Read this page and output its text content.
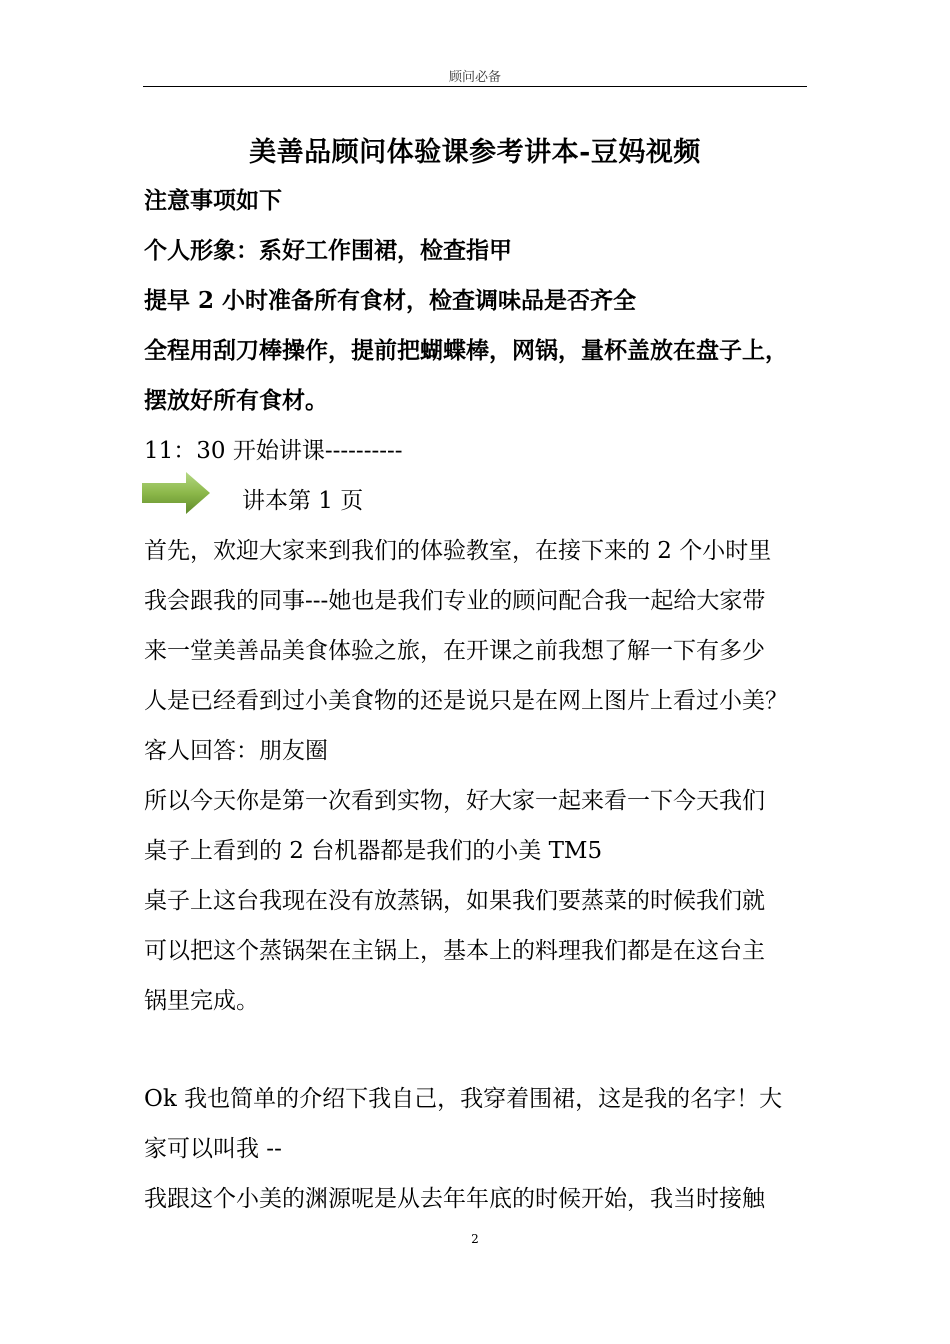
顾问必备
美善品顾问体验课参考讲本-豆妈视频
注意事项如下
个人形象：系好工作围裙，检查指甲
提早 2 小时准备所有食材，检查调味品是否齐全
全程用刮刀棒操作，提前把蝴蝶棒，网锅，量杯盖放在盘子上，
摆放好所有食材。
11：30 开始讲课----------
讲本第 1 页
首先，欢迎大家来到我们的体验教室，在接下来的 2 个小时里
我会跟我的同事---她也是我们专业的顾问配合我一起给大家带
来一堂美善品美食体验之旅，在开课之前我想了解一下有多少
人是已经看到过小美食物的还是说只是在网上图片上看过小美？
客人回答：朋友圈
所以今天你是第一次看到实物，好大家一起来看一下今天我们
桌子上看到的 2 台机器都是我们的小美 TM5
桌子上这台我现在没有放蒸锅，如果我们要蒸菜的时候我们就
可以把这个蒸锅架在主锅上，基本上的料理我们都是在这台主
锅里完成。
Ok 我也简单的介绍下我自己，我穿着围裙，这是我的名字！大
家可以叫我 --
我跟这个小美的渊源呢是从去年年底的时候开始，我当时接触
2
